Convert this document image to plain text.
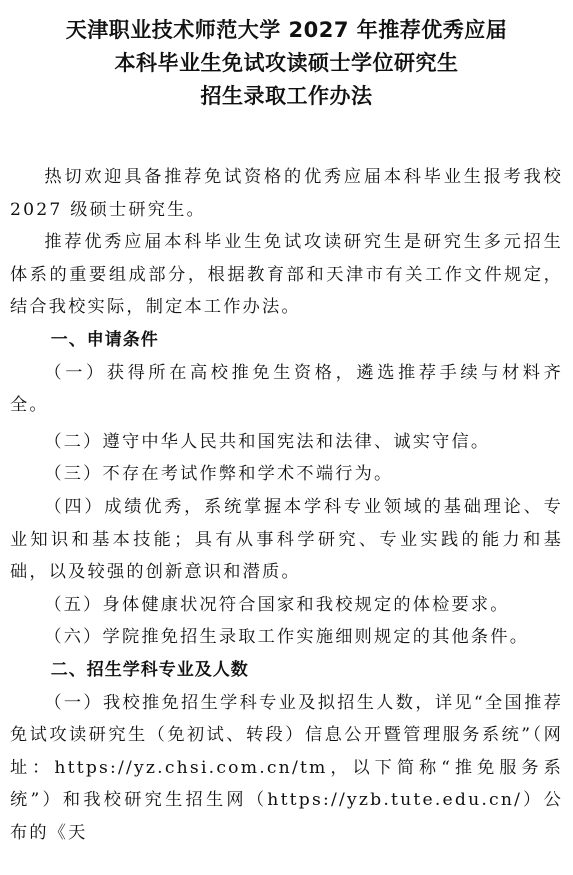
天津职业技术师范大学 2027 年推荐优秀应届
本科毕业生免试攻读硕士学位研究生
招生录取工作办法

热切欢迎具备推荐免试资格的优秀应届本科毕业生报考我校 2027 级硕士研究生。

推荐优秀应届本科毕业生免试攻读研究生是研究生多元招生体系的重要组成部分，根据教育部和天津市有关工作文件规定，结合我校实际，制定本工作办法。

一、申请条件

（一）获得所在高校推免生资格，遴选推荐手续与材料齐全。

（二）遵守中华人民共和国宪法和法律、诚实守信。

（三）不存在考试作弊和学术不端行为。

（四）成绩优秀，系统掌握本学科专业领域的基础理论、专业知识和基本技能；具有从事科学研究、专业实践的能力和基础，以及较强的创新意识和潜质。

（五）身体健康状况符合国家和我校规定的体检要求。

（六）学院推免招生录取工作实施细则规定的其他条件。

二、招生学科专业及人数

（一）我校推免招生学科专业及拟招生人数，详见“全国推荐免试攻读研究生（免初试、转段）信息公开暨管理服务系统”（网址：https://yz.chsi.com.cn/tm，以下简称“推免服务系统”）和我校研究生招生网（https://yzb.tute.edu.cn/）公布的《天
